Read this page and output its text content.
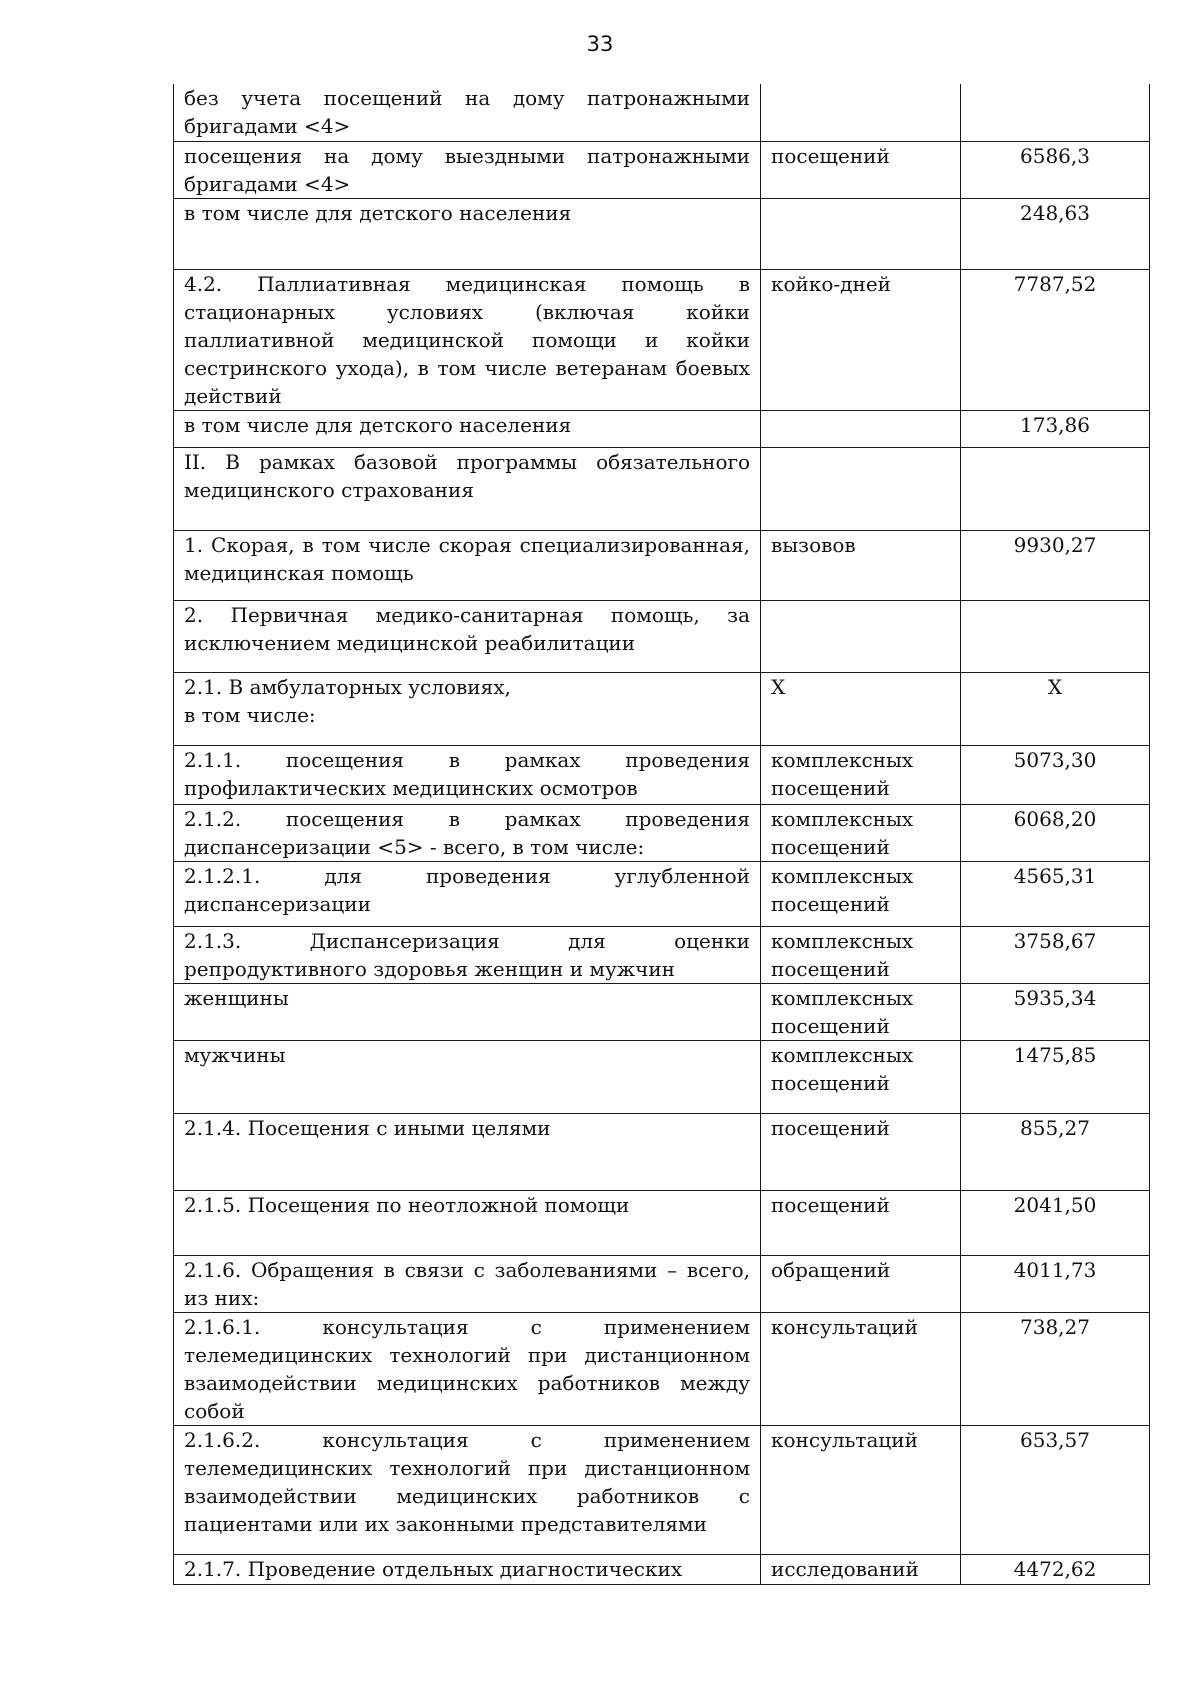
33
без учета посещений на дому патронажными бригадами <4>		
посещения на дому выездными патронажными бригадами <4>	посещений	6586,3
в том числе для детского населения		248,63
4.2. Паллиативная медицинская помощь в стационарных условиях (включая койки паллиативной медицинской помощи и койки сестринского ухода), в том числе ветеранам боевых действий	койко-дней	7787,52
в том числе для детского населения		173,86
II. В рамках базовой программы обязательного медицинского страхования		
1. Скорая, в том числе скорая специализированная, медицинская помощь	вызовов	9930,27
2. Первичная медико-санитарная помощь, за исключением медицинской реабилитации		
2.1. В амбулаторных условиях,
в том числе:	X	X
2.1.1. посещения в рамках проведения профилактических медицинских осмотров	комплексных посещений	5073,30
2.1.2. посещения в рамках проведения диспансеризации <5> - всего, в том числе:	комплексных посещений	6068,20
2.1.2.1. для проведения углубленной диспансеризации	комплексных посещений	4565,31
2.1.3. Диспансеризация для оценки репродуктивного здоровья женщин и мужчин	комплексных посещений	3758,67
женщины	комплексных посещений	5935,34
мужчины	комплексных посещений	1475,85
2.1.4. Посещения с иными целями	посещений	855,27
2.1.5. Посещения по неотложной помощи	посещений	2041,50
2.1.6. Обращения в связи с заболеваниями – всего, из них:	обращений	4011,73
2.1.6.1. консультация с применением телемедицинских технологий при дистанционном взаимодействии медицинских работников между собой	консультаций	738,27
2.1.6.2. консультация с применением телемедицинских технологий при дистанционном взаимодействии медицинских работников с пациентами или их законными представителями	консультаций	653,57
2.1.7. Проведение отдельных диагностических	исследований	4472,62
